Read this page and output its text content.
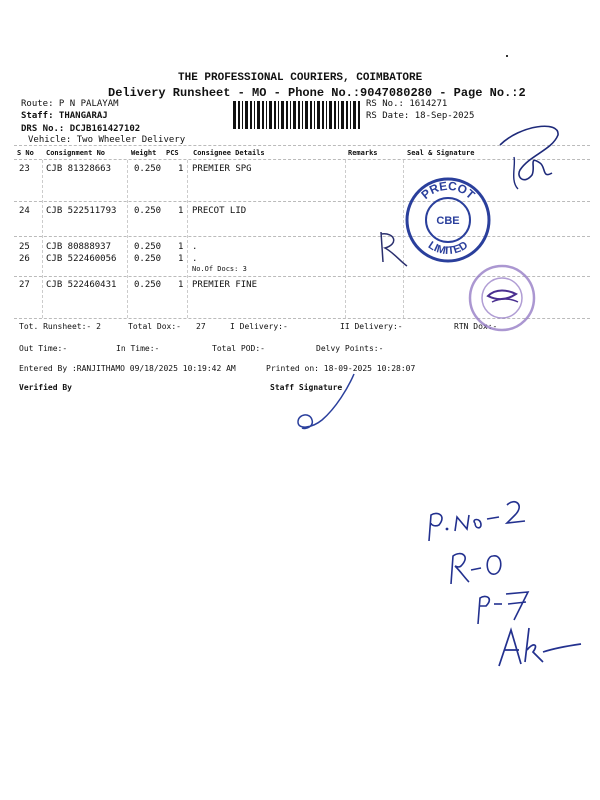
THE PROFESSIONAL COURIERS, COIMBATORE
Delivery Runsheet - MO - Phone No.:9047080280 - Page No.:2
Route: P N PALAYAM
Staff: THANGARAJ
DRS No.: DCJB161427102
Vehicle: Two Wheeler Delivery
RS No.: 1614271
RS Date: 18-Sep-2025
S No Consignment No	Weight PCS Consignee Details	Remarks	Seal & Signature
23 CJB 81328663	0.250 1 PREMIER SPG
24 CJB 522511793 0.250 1 PRECOT LID
25 CJB 80888937	0.250 1 .
26 CJB 522460056 0.250 1 .
No.Of Docs: 3
27 CJB 522460431 0.250 1 PREMIER FINE
Tot. Runsheet:- 2	Total Dox:- 27	I Delivery:-	II Delivery:-	RTN Dox:-
Out Time:-	In Time:-	Total POD:-	Delvy Points:-
Entered By :RANJITHAMO 09/18/2025 10:19:42 AM	Printed on: 18-09-2025 10:28:07
Verified By	Staff Signature
PRECOT
LIMITED
CBE
